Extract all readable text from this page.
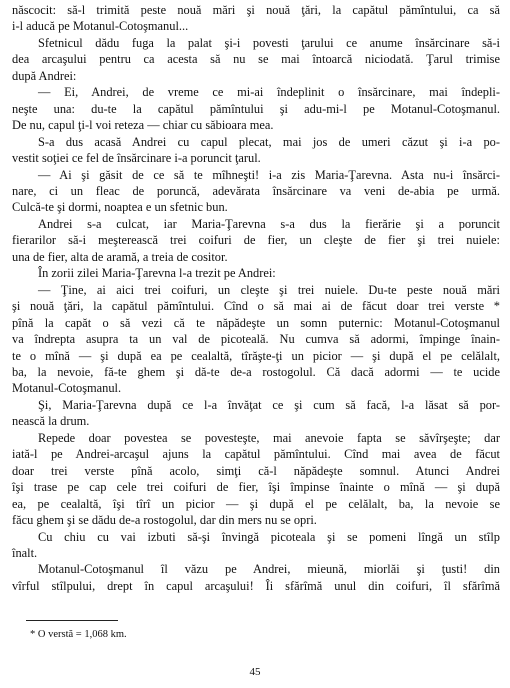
născocit: să-l trimită peste nouă mări şi nouă ţări, la capătul pămîntului, ca să
i-l aducă pe Motanul-Cotoşmanul...
Sfetnicul dădu fuga la palat şi-i povesti ţarului ce anume însărcinare să-i
dea arcaşului pentru ca acesta să nu se mai întoarcă niciodată. Ţarul trimise
după Andrei:
— Ei, Andrei, de vreme ce mi-ai îndeplinit o însărcinare, mai îndepli-
neşte una: du-te la capătul pămîntului şi adu-mi-l pe Motanul-Cotoşmanul.
De nu, capul ţi-l voi reteza — chiar cu săbioara mea.
S-a dus acasă Andrei cu capul plecat, mai jos de umeri căzut şi i-a po-
vestit soţiei ce fel de însărcinare i-a poruncit ţarul.
— Ai şi găsit de ce să te mîhneşti! i-a zis Maria-Ţarevna. Asta nu-i însărci-
nare, ci un fleac de poruncă, adevărata însărcinare va veni de-abia pe urmă.
Culcă-te şi dormi, noaptea e un sfetnic bun.
Andrei s-a culcat, iar Maria-Ţarevna s-a dus la fierărie şi a poruncit
fierarilor să-i meşterească trei coifuri de fier, un cleşte de fier şi trei nuiele:
una de fier, alta de aramă, a treia de cositor.
În zorii zilei Maria-Ţarevna l-a trezit pe Andrei:
— Ţine, ai aici trei coifuri, un cleşte şi trei nuiele. Du-te peste nouă mări
şi nouă ţări, la capătul pămîntului. Cînd o să mai ai de făcut doar trei verste *
pînă la capăt o să vezi că te năpădeşte un somn puternic: Motanul-Cotoşmanul
va îndrepta asupra ta un val de picoteală. Nu cumva să adormi, împinge înain-
te o mînă — şi după ea pe cealaltă, tîrăşte-ţi un picior — şi după el pe celălalt,
ba, la nevoie, fă-te ghem şi dă-te de-a rostogolul. Că dacă adormi — te ucide
Motanul-Cotoşmanul.
Şi, Maria-Ţarevna după ce l-a învăţat ce şi cum să facă, l-a lăsat să por-
nească la drum.
Repede doar povestea se povesteşte, mai anevoie fapta se săvîrşeşte; dar
iată-l pe Andrei-arcaşul ajuns la capătul pămîntului. Cînd mai avea de făcut
doar trei verste pînă acolo, simţi că-l năpădeşte somnul. Atunci Andrei
îşi trase pe cap cele trei coifuri de fier, îşi împinse înainte o mînă — şi după
ea, pe cealaltă, îşi tîrî un picior — şi după el pe celălalt, ba, la nevoie se
făcu ghem şi se dădu de-a rostogolul, dar din mers nu se opri.
Cu chiu cu vai izbuti să-şi învingă picoteala şi se pomeni lîngă un stîlp
înalt.
Motanul-Cotoşmanul îl văzu pe Andrei, mieună, miorlăi şi ţusti! din
vîrful stîlpului, drept în capul arcaşului! Îi sfărîmă unul din coifuri, îl sfărîmă
* O verstă = 1,068 km.
45
